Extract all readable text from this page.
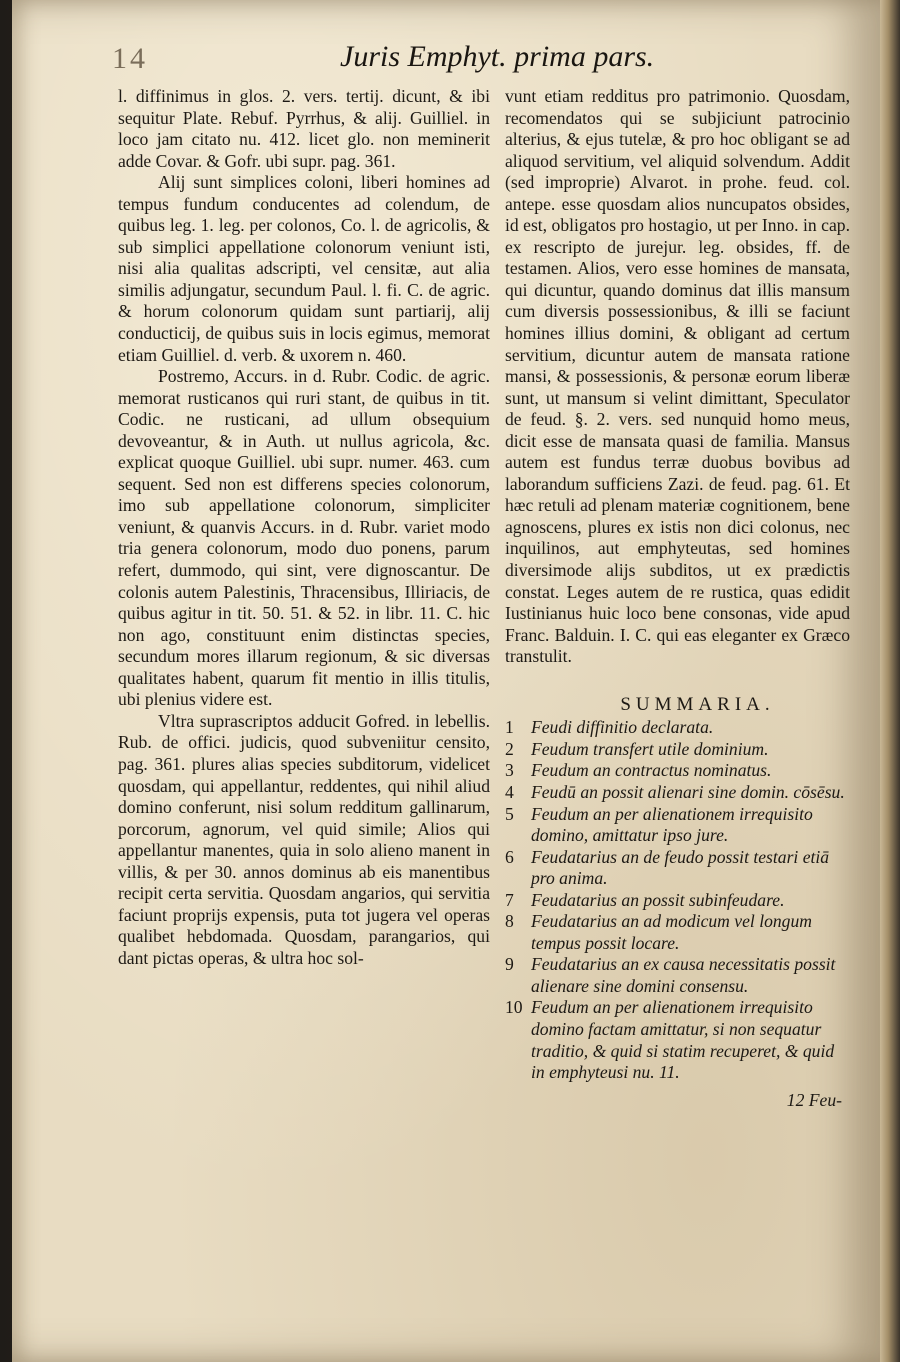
14	Juris Emphyt. prima pars.

l. diffinimus in glos. 2. vers. tertij. dicunt, & ibi sequitur Plate. Rebuf. Pyrrhus, & alij. Guilliel. in loco jam citato nu. 412. licet glo. non meminerit adde Covar. & Gofr. ubi supr. pag. 361.

Alij sunt simplices coloni, liberi homines ad tempus fundum conducentes ad colendum, de quibus leg. 1. leg. per colonos, Co. l. de agricolis, & sub simplici appellatione colonorum veniunt isti, nisi alia qualitas adscripti, vel censitæ, aut alia similis adjungatur, secundum Paul. l. fi. C. de agric. & horum colonorum quidam sunt partiarij, alij conducticij, de quibus suis in locis egimus, memorat etiam Guilliel. d. verb. & uxorem n. 460.

Postremo, Accurs. in d. Rubr. Codic. de agric. memorat rusticanos qui ruri stant, de quibus in tit. Codic. ne rusticani, ad ullum obsequium devoveantur, & in Auth. ut nullus agricola, &c. explicat quoque Guilliel. ubi supr. numer. 463. cum sequent. Sed non est differens species colonorum, imo sub appellatione colonorum, simpliciter veniunt, & quanvis Accurs. in d. Rubr. variet modo tria genera colonorum, modo duo ponens, parum refert, dummodo, qui sint, vere dignoscantur. De colonis autem Palestinis, Thracensibus, Illiriacis, de quibus agitur in tit. 50. 51. & 52. in libr. 11. C. hic non ago, constituunt enim distinctas species, secundum mores illarum regionum, & sic diversas qualitates habent, quarum fit mentio in illis titulis, ubi plenius videre est.

Vltra suprascriptos adducit Gofred. in lebellis. Rub. de offici. judicis, quod subveniitur censito, pag. 361. plures alias species subditorum, videlicet quosdam, qui appellantur, reddentes, qui nihil aliud domino conferunt, nisi solum redditum gallinarum, porcorum, agnorum, vel quid simile; Alios qui appellantur manentes, quia in solo alieno manent in villis, & per 30. annos dominus ab eis manentibus recipit certa servitia. Quosdam angarios, qui servitia faciunt proprijs expensis, puta tot jugera vel operas qualibet hebdomada. Quosdam, parangarios, qui dant pictas operas, & ultra hoc sol-

vunt etiam redditus pro patrimonio. Quosdam, recomendatos qui se subjiciunt patrocinio alterius, & ejus tutelæ, & pro hoc obligant se ad aliquod servitium, vel aliquid solvendum. Addit (sed improprie) Alvarot. in prohe. feud. col. antepe. esse quosdam alios nuncupatos obsides, id est, obligatos pro hostagio, ut per Inno. in cap. ex rescripto de jurejur. leg. obsides, ff. de testamen. Alios, vero esse homines de mansata, qui dicuntur, quando dominus dat illis mansum cum diversis possessionibus, & illi se faciunt homines illius domini, & obligant ad certum servitium, dicuntur autem de mansata ratione mansi, & possessionis, & personæ eorum liberæ sunt, ut mansum si velint dimittant, Speculator de feud. §. 2. vers. sed nunquid homo meus, dicit esse de mansata quasi de familia. Mansus autem est fundus terræ duobus bovibus ad laborandum sufficiens Zazi. de feud. pag. 61. Et hæc retuli ad plenam materiæ cognitionem, bene agnoscens, plures ex istis non dici colonus, nec inquilinos, aut emphyteutas, sed homines diversimode alijs subditos, ut ex prædictis constat. Leges autem de re rustica, quas edidit Iustinianus huic loco bene consonas, vide apud Franc. Balduin. I. C. qui eas eleganter ex Græco transtulit.

SUMMARIA.
1 Feudi diffinitio declarata.
2 Feudum transfert utile dominium.
3 Feudum an contractus nominatus.
4 Feudū an possit alienari sine domin. cōsēsu.
5 Feudum an per alienationem irrequisito domino, amittatur ipso jure.
6 Feudatarius an de feudo possit testari etiā pro anima.
7 Feudatarius an possit subinfeudare.
8 Feudatarius an ad modicum vel longum tempus possit locare.
9 Feudatarius an ex causa necessitatis possit alienare sine domini consensu.
10 Feudum an per alienationem irrequisito domino factam amittatur, si non sequatur traditio, & quid si statim recuperet, & quid in emphyteusi nu. 11.
12 Feu-
